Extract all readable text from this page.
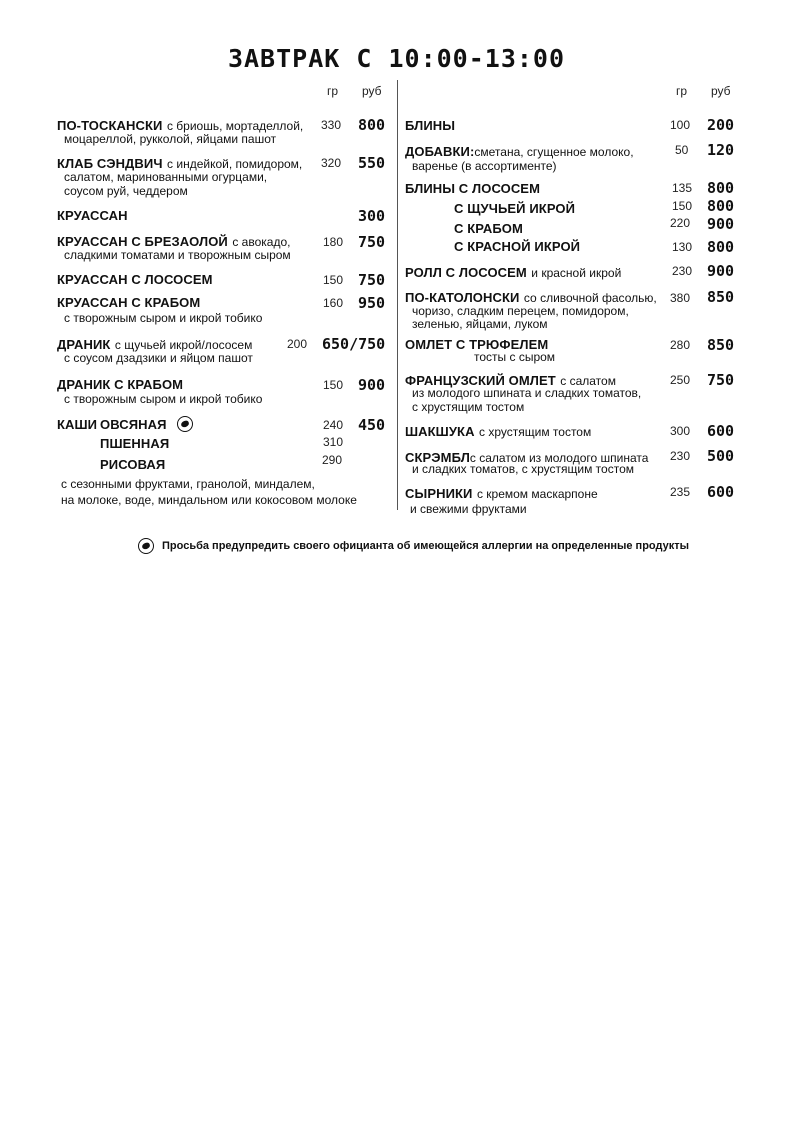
ЗАВТРАК С 10:00-13:00
гр руб	гр руб
ПО-ТОСКАНСКИ с бриошь, мортаделлой,
моцареллой, рукколой, яйцами пашот
330 800
КЛАБ СЭНДВИЧ с индейкой, помидором,
салатом, маринованными огурцами,
соусом руй, чеддером
320 550
КРУАССАН	300
КРУАССАН С БРЕЗАОЛОЙ с авокадо,
сладкими томатами и творожным сыром
180 750
КРУАССАН С ЛОСОСЕМ	150 750
КРУАССАН С КРАБОМ
с творожным сыром и икрой тобико
160 950
ДРАНИК с щучьей икрой/лососем
с соусом дзадзики и яйцом пашот
200 650/750
ДРАНИК С КРАБОМ
с творожным сыром и икрой тобико
150 900
КАШИ ОВСЯНАЯ	240 450
ПШЕННАЯ	310
РИСОВАЯ	290
с сезонными фруктами, гранолой, миндалем,
на молоке, воде, миндальном или кокосовом молоке
БЛИНЫ	100 200
ДОБАВКИ:сметана, сгущенное молоко,
варенье (в ассортименте)
50 120
БЛИНЫ С ЛОСОСЕМ	135 800
С ЩУЧЬЕЙ ИКРОЙ	150 800
С КРАБОМ	220 900
С КРАСНОЙ ИКРОЙ	130 800
РОЛЛ С ЛОСОСЕМ и красной икрой	230 900
ПО-КАТОЛОНСКИ со сливочной фасолью,
чоризо, сладким перецем, помидором,
зеленью, яйцами, луком
380 850
ОМЛЕТ С ТРЮФЕЛЕМ
тосты с сыром
280 850
ФРАНЦУЗСКИЙ ОМЛЕТ с салатом
из молодого шпината и сладких томатов,
с хрустящим тостом
250 750
ШАКШУКА с хрустящим тостом	300 600
СКРЭМБЛс салатом из молодого шпината
и сладких томатов, с хрустящим тостом
230 500
СЫРНИКИ с кремом маскарпоне
и свежими фруктами
235 600
Просьба предупредить своего официанта об имеющейся аллергии на определенные продукты
